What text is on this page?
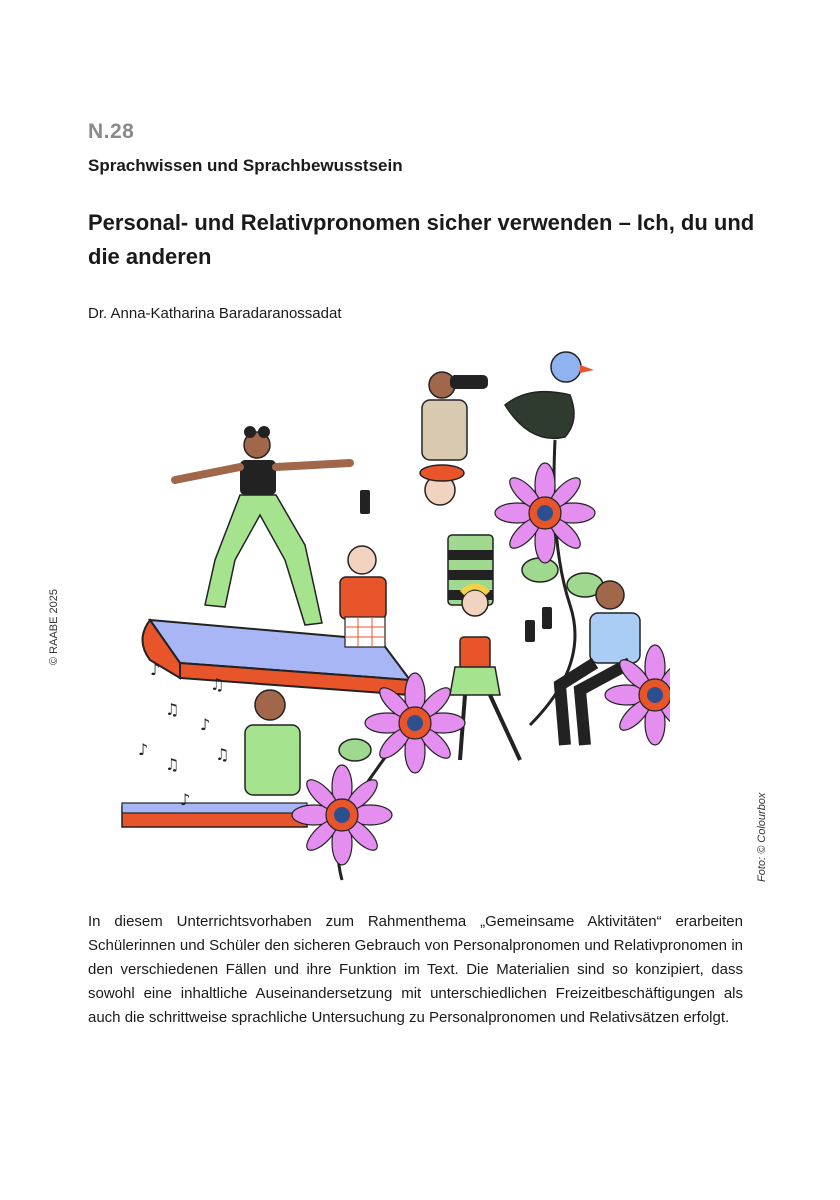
N.28
Sprachwissen und Sprachbewusstsein
Personal- und Relativpronomen sicher verwenden – Ich, du und die anderen
Dr. Anna-Katharina Baradaranossadat
© RAABE 2025
Foto: © Colourbox
♪
♫
♫
♪
♪	♫
♫
♪
In diesem Unterrichtsvorhaben zum Rahmenthema „Gemeinsame Aktivitäten“ erarbeiten Schülerinnen und Schüler den sicheren Gebrauch von Personalpronomen und Relativpronomen in den verschiedenen Fällen und ihre Funktion im Text. Die Materialien sind so konzipiert, dass sowohl eine inhaltliche Auseinandersetzung mit unterschiedlichen Freizeitbeschäftigungen als auch die schrittweise sprachliche Untersuchung zu Personalpronomen und Relativsätzen erfolgt.
